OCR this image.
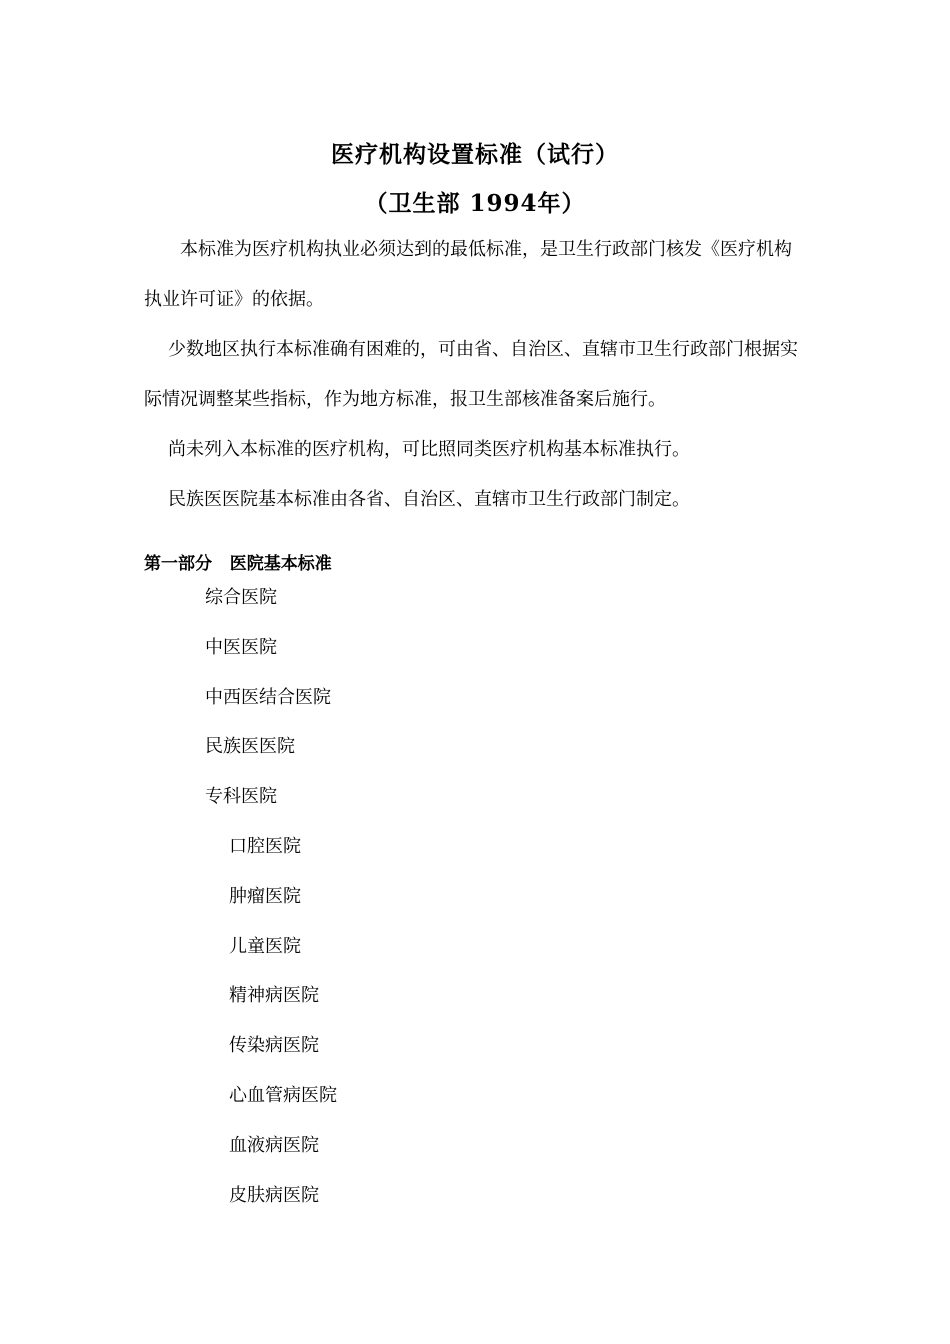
医疗机构设置标准（试行）
（卫生部 1994年）

本标准为医疗机构执业必须达到的最低标准，是卫生行政部门核发《医疗机构执业许可证》的依据。

少数地区执行本标准确有困难的，可由省、自治区、直辖市卫生行政部门根据实际情况调整某些指标，作为地方标准，报卫生部核准备案后施行。

尚未列入本标准的医疗机构，可比照同类医疗机构基本标准执行。

民族医医院基本标准由各省、自治区、直辖市卫生行政部门制定。

第一部分   医院基本标准
综合医院
中医医院
中西医结合医院
民族医医院
专科医院
口腔医院
肿瘤医院
儿童医院
精神病医院
传染病医院
心血管病医院
血液病医院
皮肤病医院
